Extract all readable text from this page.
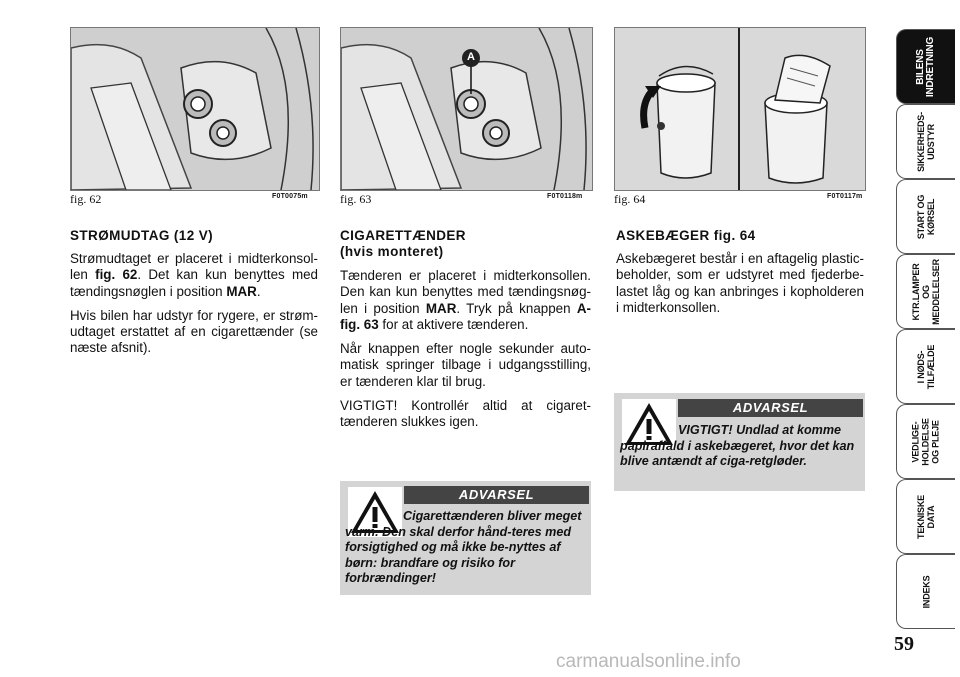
fig. 62	F0T0075m
A
fig. 63	F0T0118m	fig. 64	F0T0117m
STRØMUDTAG (12 V)

Strømudtaget er placeret i midterkonsol-len fig. 62. Det kan kun benyttes med tændingsnøglen i position MAR.

Hvis bilen har udstyr for rygere, er strøm-udtaget erstattet af en cigarettænder (se næste afsnit).

CIGARETTÆNDER
(hvis monteret)

Tænderen er placeret i midterkonsollen. Den kan kun benyttes med tændingsnøg-len i position MAR. Tryk på knappen A-fig. 63 for at aktivere tænderen.

Når knappen efter nogle sekunder auto-matisk springer tilbage i udgangsstilling, er tænderen klar til brug.

VIGTIGT! Kontrollér altid at cigaret-tænderen slukkes igen.

ADVARSEL
Cigarettænderen bliver meget varm. Den skal derfor hånd-teres med forsigtighed og må ikke be-nyttes af børn: brandfare og risiko for forbrændinger!
ASKEBÆGER fig. 64

Askebægeret består i en aftagelig plastic-beholder, som er udstyret med fjederbe-lastet låg og kan anbringes i kopholderen i midterkonsollen.

ADVARSEL
VIGTIGT! Undlad at komme papiraffald i askebægeret, hvor det kan blive antændt af ciga-retgløder.
BILENS
INDRETNING
SIKKERHEDS-
UDSTYR
START OG
KØRSEL
KTR.LAMPER
OG
MEDDELELSER
I NØDS-
TILFÆLDE
VEDLIGE-
HOLDELSE
OG PLEJE
TEKNISKE
DATA
INDEKS
59
carmanualsonline.info
